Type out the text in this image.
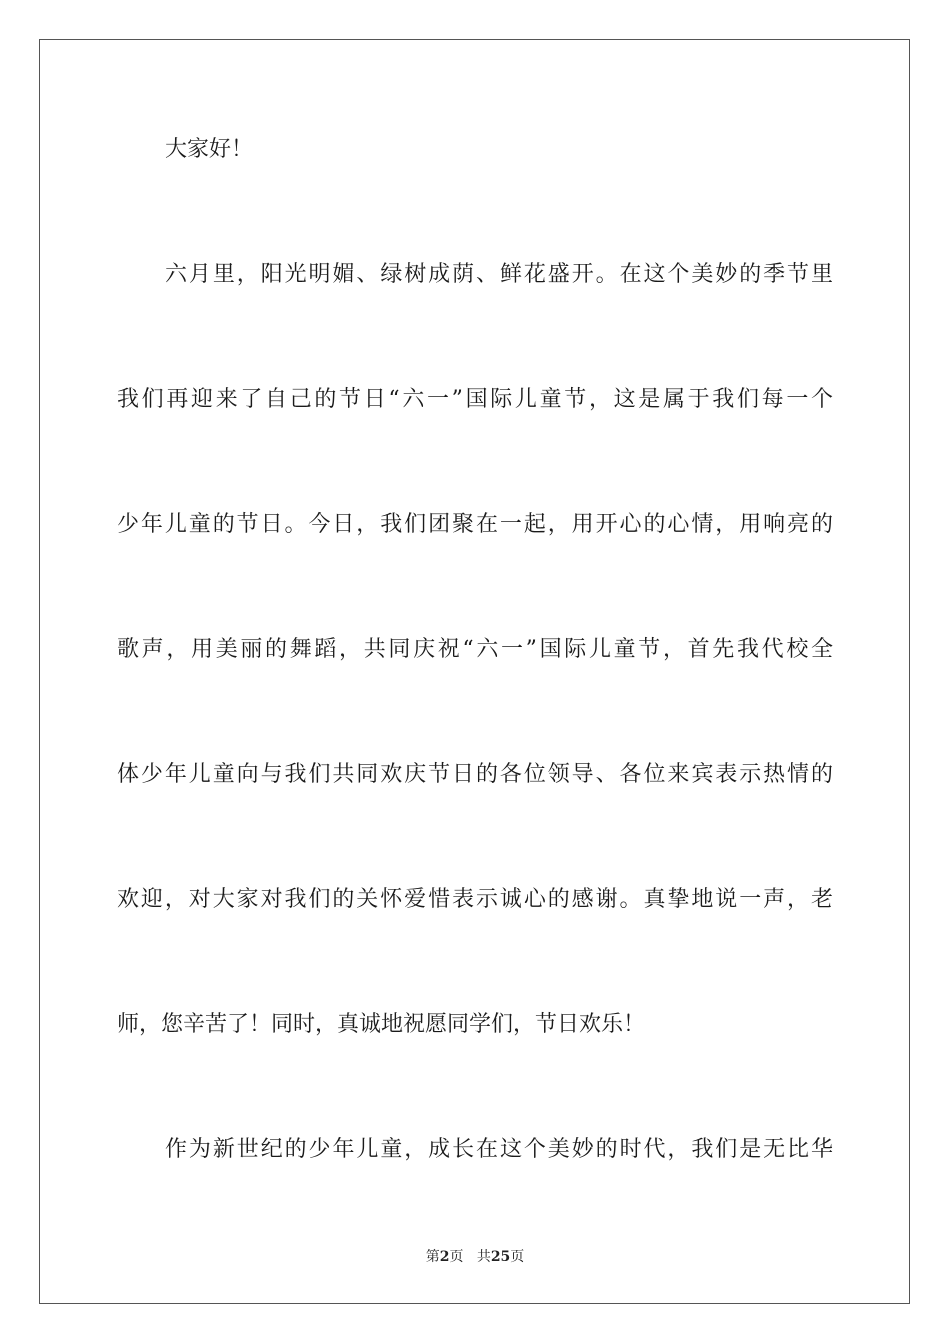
大家好！
六月里，阳光明媚、绿树成荫、鲜花盛开。在这个美妙的季节里
我们再迎来了自己的节日“六一”国际儿童节，这是属于我们每一个
少年儿童的节日。今日，我们团聚在一起，用开心的心情，用响亮的
歌声，用美丽的舞蹈，共同庆祝“六一”国际儿童节，首先我代校全
体少年儿童向与我们共同欢庆节日的各位领导、各位来宾表示热情的
欢迎，对大家对我们的关怀爱惜表示诚心的感谢。真挚地说一声，老
师，您辛苦了！同时，真诚地祝愿同学们，节日欢乐！
作为新世纪的少年儿童，成长在这个美妙的时代，我们是无比华
第2页 共25页
